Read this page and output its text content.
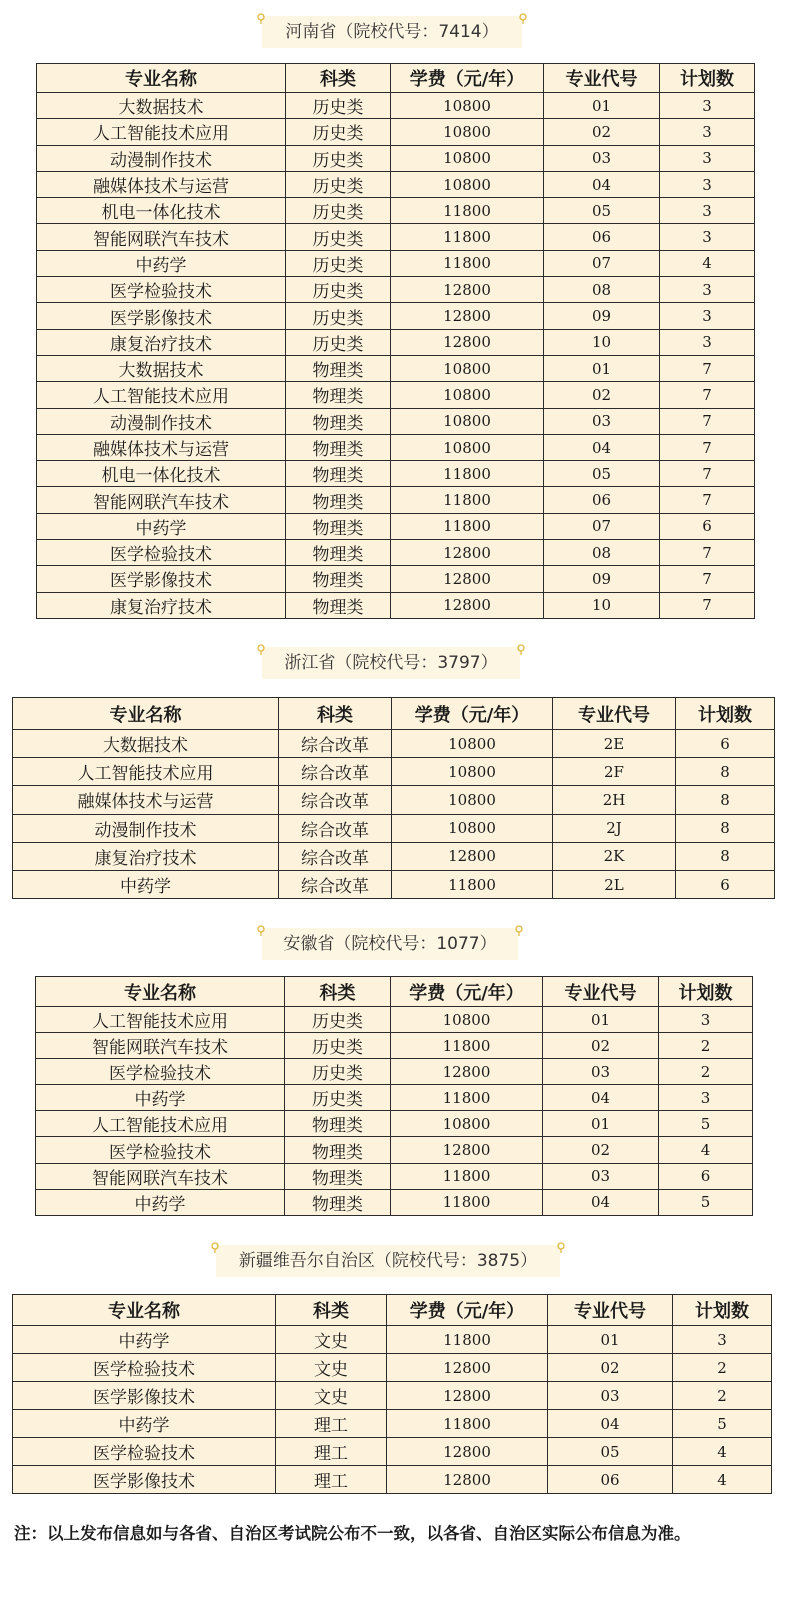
河南省（院校代号：7414）
专业名称	科类	学费（元/年）	专业代号	计划数
大数据技术	历史类	10800	01	3
人工智能技术应用	历史类	10800	02	3
动漫制作技术	历史类	10800	03	3
融媒体技术与运营	历史类	10800	04	3
机电一体化技术	历史类	11800	05	3
智能网联汽车技术	历史类	11800	06	3
中药学	历史类	11800	07	4
医学检验技术	历史类	12800	08	3
医学影像技术	历史类	12800	09	3
康复治疗技术	历史类	12800	10	3
大数据技术	物理类	10800	01	7
人工智能技术应用	物理类	10800	02	7
动漫制作技术	物理类	10800	03	7
融媒体技术与运营	物理类	10800	04	7
机电一体化技术	物理类	11800	05	7
智能网联汽车技术	物理类	11800	06	7
中药学	物理类	11800	07	6
医学检验技术	物理类	12800	08	7
医学影像技术	物理类	12800	09	7
康复治疗技术	物理类	12800	10	7
浙江省（院校代号：3797）
专业名称	科类	学费（元/年）	专业代号	计划数
大数据技术	综合改革	10800	2E	6
人工智能技术应用	综合改革	10800	2F	8
融媒体技术与运营	综合改革	10800	2H	8
动漫制作技术	综合改革	10800	2J	8
康复治疗技术	综合改革	12800	2K	8
中药学	综合改革	11800	2L	6
安徽省（院校代号：1077）
专业名称	科类	学费（元/年）	专业代号	计划数
人工智能技术应用	历史类	10800	01	3
智能网联汽车技术	历史类	11800	02	2
医学检验技术	历史类	12800	03	2
中药学	历史类	11800	04	3
人工智能技术应用	物理类	10800	01	5
医学检验技术	物理类	12800	02	4
智能网联汽车技术	物理类	11800	03	6
中药学	物理类	11800	04	5
新疆维吾尔自治区（院校代号：3875）
专业名称	科类	学费（元/年）	专业代号	计划数
中药学	文史	11800	01	3
医学检验技术	文史	12800	02	2
医学影像技术	文史	12800	03	2
中药学	理工	11800	04	5
医学检验技术	理工	12800	05	4
医学影像技术	理工	12800	06	4
注：以上发布信息如与各省、自治区考试院公布不一致，以各省、自治区实际公布信息为准。
